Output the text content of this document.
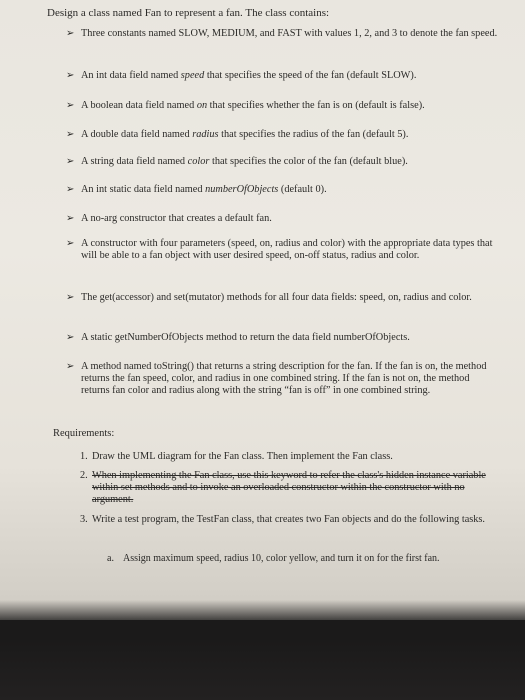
Design a class named Fan to represent a fan. The class contains:
➢ Three constants named SLOW, MEDIUM, and FAST with values 1, 2, and 3 to denote the fan speed.
➢ An int data field named speed that specifies the speed of the fan (default SLOW).
➢ A boolean data field named on that specifies whether the fan is on (default is false).
➢ A double data field named radius that specifies the radius of the fan (default 5).
➢ A string data field named color that specifies the color of the fan (default blue).
➢ An int static data field named numberOfObjects (default 0).
➢ A no-arg constructor that creates a default fan.
➢ A constructor with four parameters (speed, on, radius and color) with the appropriate data types that will be able to a fan object with user desired speed, on-off status, radius and color.
➢ The get(accessor) and set(mutator) methods for all four data fields: speed, on, radius and color.
➢ A static getNumberOfObjects method to return the data field numberOfObjects.
➢ A method named toString() that returns a string description for the fan. If the fan is on, the method returns the fan speed, color, and radius in one combined string. If the fan is not on, the method returns fan color and radius along with the string “fan is off” in one combined string.
Requirements:
1. Draw the UML diagram for the Fan class. Then implement the Fan class.
2. When implementing the Fan class, use this keyword to refer the class's hidden instance variable within set methods and to invoke an overloaded constructor within the constructor with no argument.
3. Write a test program, the TestFan class, that creates two Fan objects and do the following tasks.
a. Assign maximum speed, radius 10, color yellow, and turn it on for the first fan.
